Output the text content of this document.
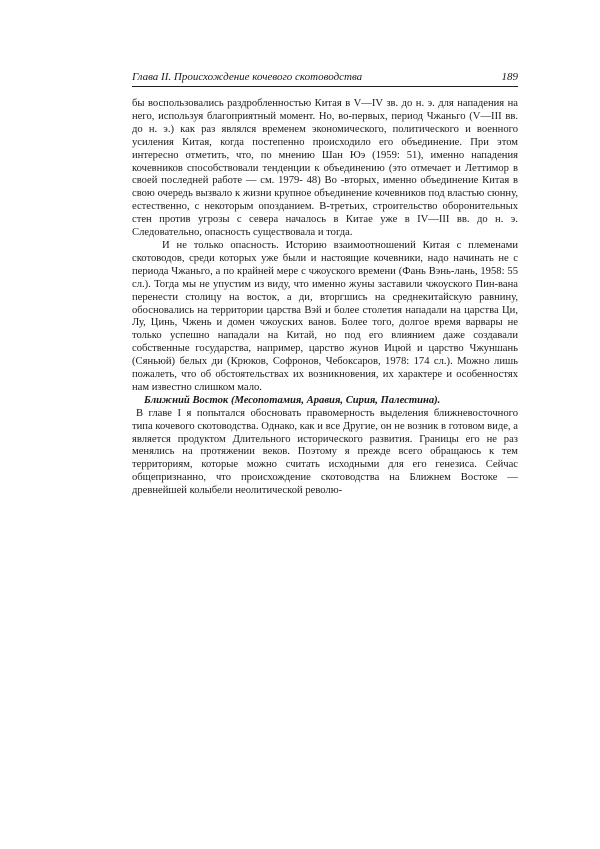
Глава II. Происхождение кочевого скотоводства	189

бы воспользовались раздробленностью Китая в V—IV зв. до н. э. для нападения на него, используя благоприятный момент. Но, во-первых, период Чжаньго (V—III вв. до н. э.) как раз являлся временем экономического, политического и военного усиления Китая, когда постепенно происходило его объединение. При этом интересно отметить, что, по мнению Шан Юэ (1959: 51), именно нападения кочевников способствовали тенденции к объединению (это отмечает и Леттимор в своей последней работе — см. 1979- 48) Во -вторых, именно объединение Китая в свою очередь вызвало к жизни крупное объединение кочевников под властью сюнну, естественно, с некоторым опозданием. В-третьих, строительство оборонительных стен против угрозы с севера началось в Китае уже в IV—III вв. до н. э. Следовательно, опасность существовала и тогда.

И не только опасность. Историю взаимоотношений Китая с племенами скотоводов, среди которых уже были и настоящие кочевники, надо начинать не с периода Чжаньго, а по крайней мере с чжоуского времени (Фань Вэнь-лань, 1958: 55 сл.). Тогда мы не упустим из виду, что именно жуны заставили чжоуского Пин-вана перенести столицу на восток, а ди, вторгшись на среднекитайскую равнину, обосновались на территории царства Вэй и более столетия нападали на царства Ци, Лу, Цинь, Чжень и домен чжоуских ванов. Более того, долгое время варвары не только успешно нападали на Китай, но под его влиянием даже создавали собственные государства, например, царство жунов Ицюй и царство Чжуншань (Сяньюй) белых ди (Крюков, Софронов, Чебоксаров, 1978: 174 сл.). Можно лишь пожалеть, что об обстоятельствах их возникновения, их характере и особенностях нам известно слишком мало.

Ближний Восток (Месопотамия, Аравия, Сирия, Палестина).

В главе I я попытался обосновать правомерность выделения ближневосточного типа кочевого скотоводства. Однако, как и все Другие, он не возник в готовом виде, а является продуктом Длительного исторического развития. Границы его не раз менялись на протяжении веков. Поэтому я прежде всего обращаюсь к тем территориям, которые можно считать исходными для его генезиса. Сейчас общепризнанно, что происхождение скотоводства на Ближнем Востоке — древнейшей колыбели неолитической револю-
